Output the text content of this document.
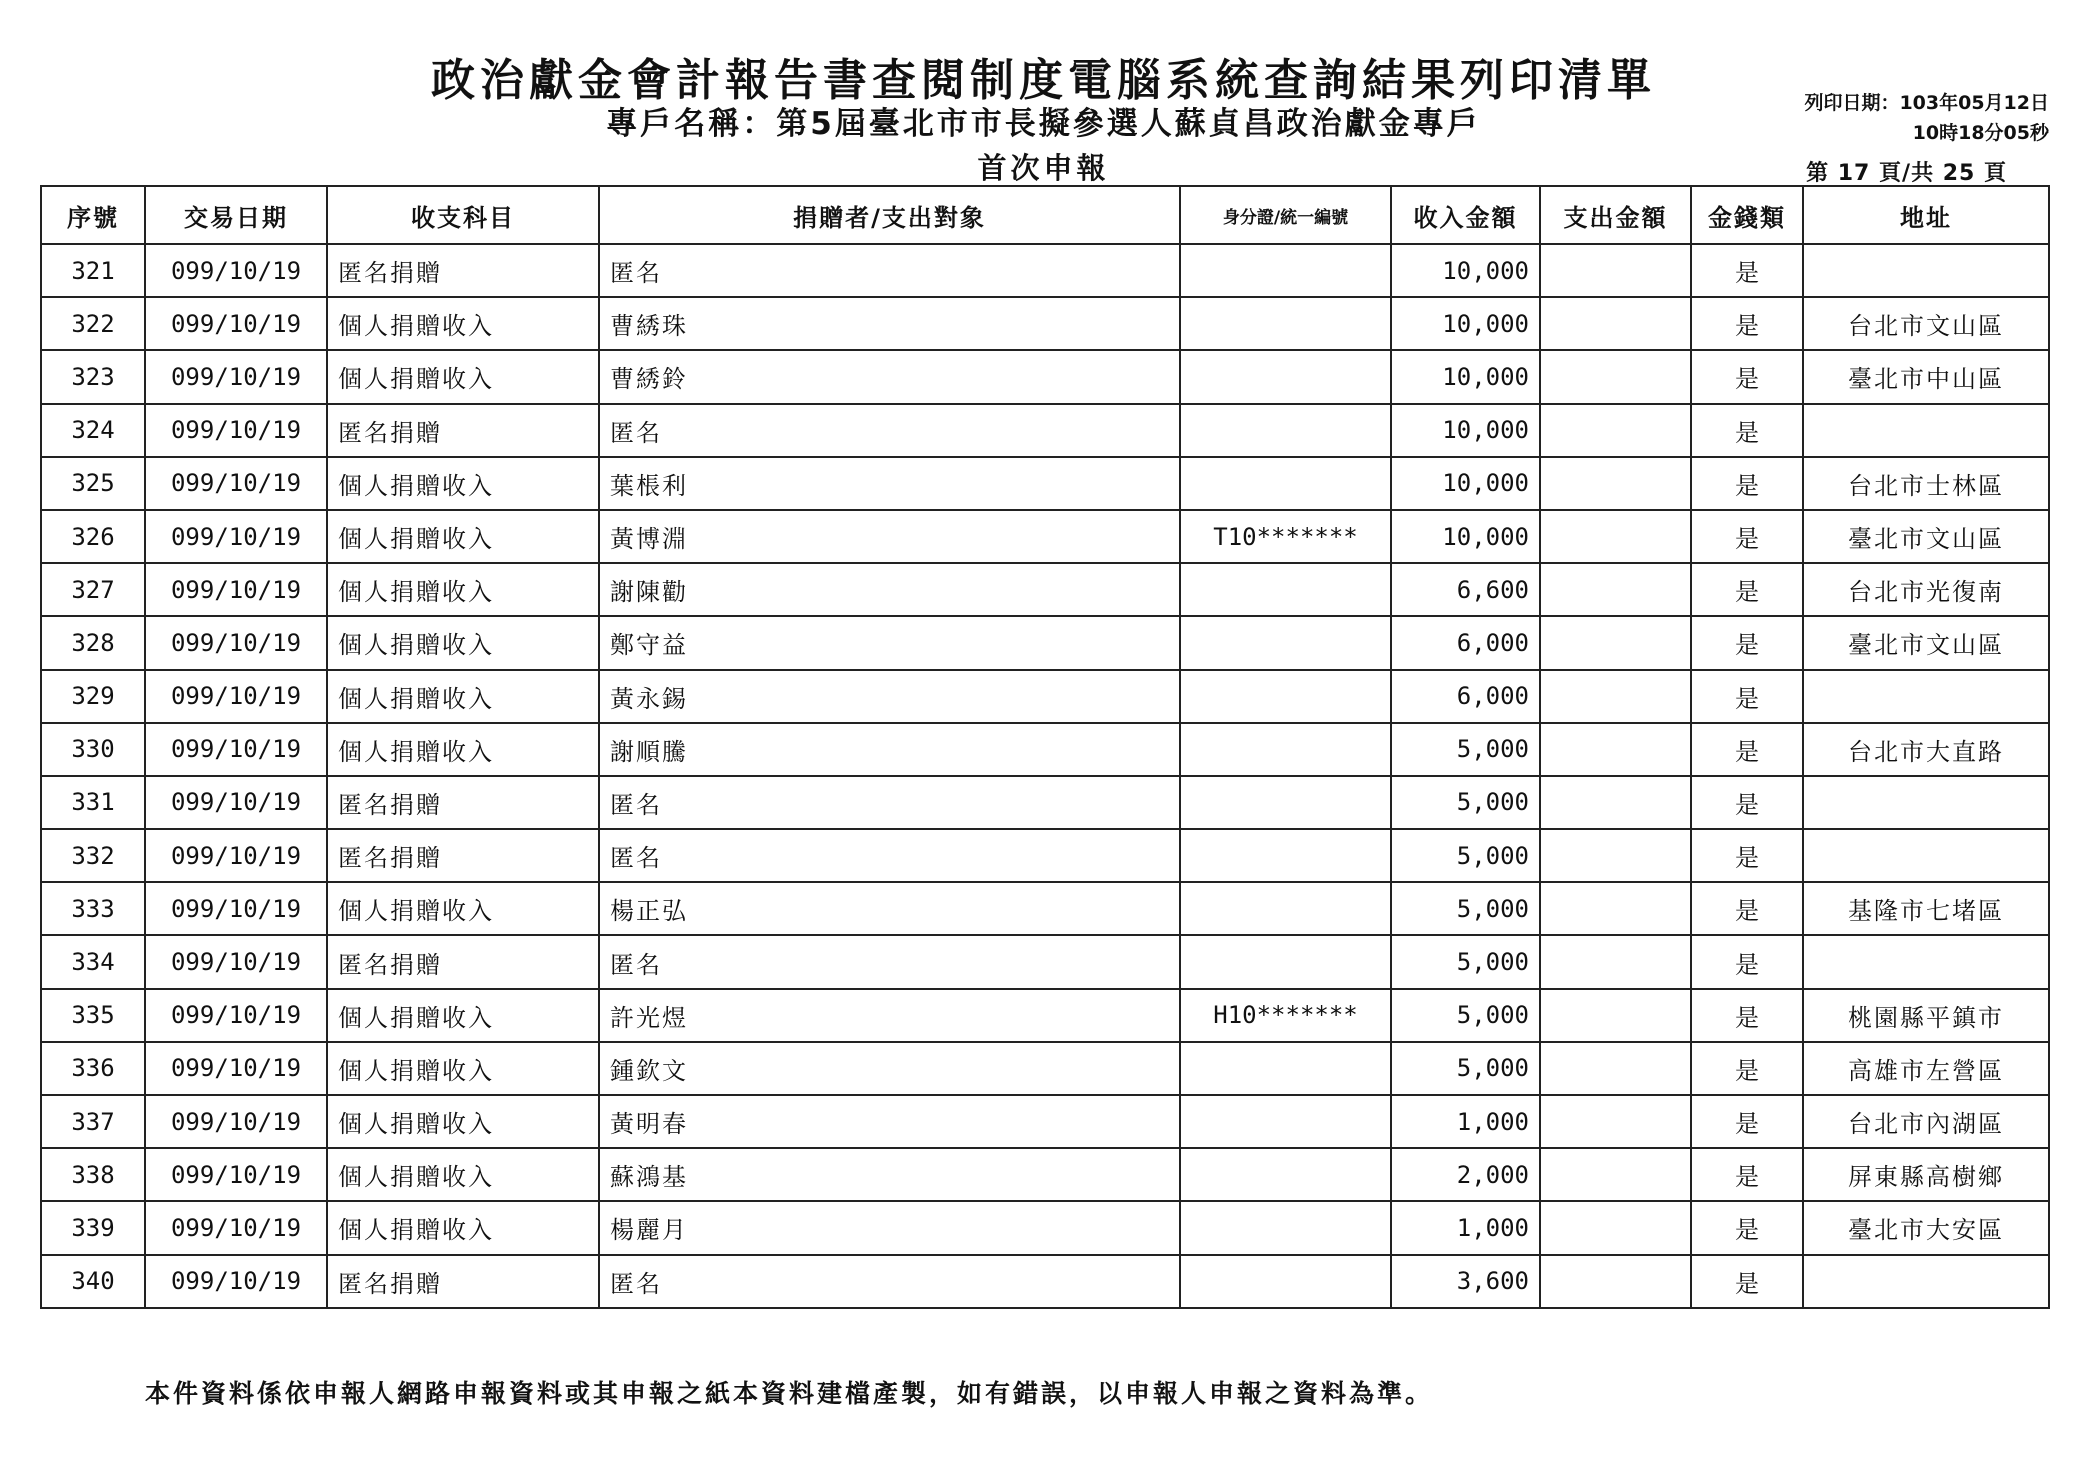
政治獻金會計報告書查閱制度電腦系統查詢結果列印清單
專戶名稱：第5屆臺北市市長擬參選人蘇貞昌政治獻金專戶
首次申報
列印日期：103年05月12日
10時18分05秒
第 17 頁/共 25 頁
序號	交易日期	收支科目	捐贈者/支出對象	身分證/統一編號	收入金額	支出金額	金錢類	地址
321	099/10/19	匿名捐贈	匿名		10,000		是	
322	099/10/19	個人捐贈收入	曹綉珠		10,000		是	台北市文山區
323	099/10/19	個人捐贈收入	曹綉鈴		10,000		是	臺北市中山區
324	099/10/19	匿名捐贈	匿名		10,000		是	
325	099/10/19	個人捐贈收入	葉棖利		10,000		是	台北市士林區
326	099/10/19	個人捐贈收入	黃博淵	T10*******	10,000		是	臺北市文山區
327	099/10/19	個人捐贈收入	謝陳勸		6,600		是	台北市光復南
328	099/10/19	個人捐贈收入	鄭守益		6,000		是	臺北市文山區
329	099/10/19	個人捐贈收入	黃永錫		6,000		是	
330	099/10/19	個人捐贈收入	謝順騰		5,000		是	台北市大直路
331	099/10/19	匿名捐贈	匿名		5,000		是	
332	099/10/19	匿名捐贈	匿名		5,000		是	
333	099/10/19	個人捐贈收入	楊正弘		5,000		是	基隆市七堵區
334	099/10/19	匿名捐贈	匿名		5,000		是	
335	099/10/19	個人捐贈收入	許光煜	H10*******	5,000		是	桃園縣平鎮市
336	099/10/19	個人捐贈收入	鍾欽文		5,000		是	高雄市左營區
337	099/10/19	個人捐贈收入	黃明春		1,000		是	台北市內湖區
338	099/10/19	個人捐贈收入	蘇鴻基		2,000		是	屏東縣高樹鄉
339	099/10/19	個人捐贈收入	楊麗月		1,000		是	臺北市大安區
340	099/10/19	匿名捐贈	匿名		3,600		是	
本件資料係依申報人網路申報資料或其申報之紙本資料建檔產製，如有錯誤，以申報人申報之資料為準。
